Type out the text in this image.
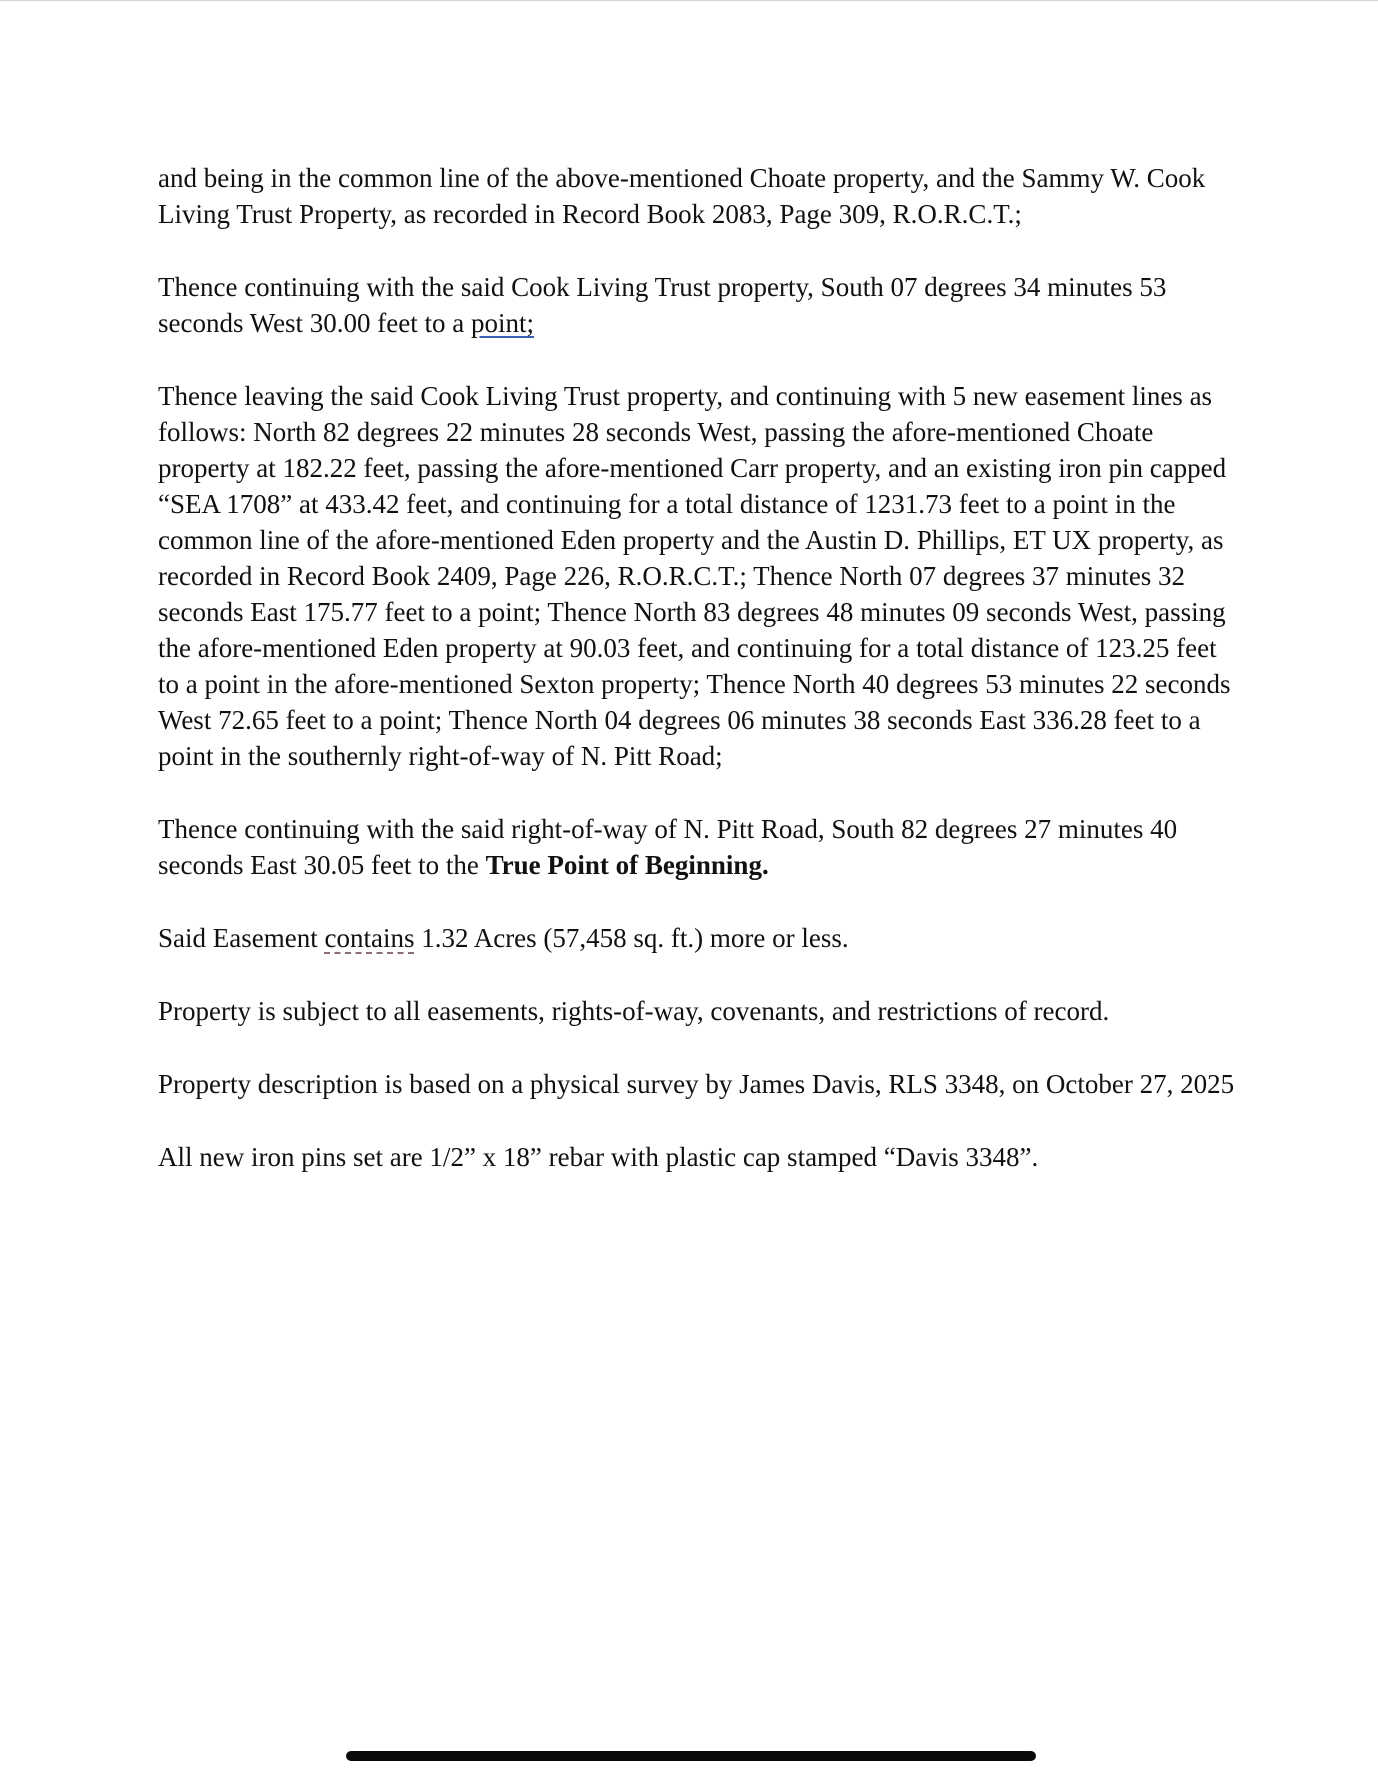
and being in the common line of the above-mentioned Choate property, and the Sammy W. Cook Living Trust Property, as recorded in Record Book 2083, Page 309, R.O.R.C.T.;

Thence continuing with the said Cook Living Trust property, South 07 degrees 34 minutes 53 seconds West 30.00 feet to a point;

Thence leaving the said Cook Living Trust property, and continuing with 5 new easement lines as follows: North 82 degrees 22 minutes 28 seconds West, passing the afore-mentioned Choate property at 182.22 feet, passing the afore-mentioned Carr property, and an existing iron pin capped “SEA 1708” at 433.42 feet, and continuing for a total distance of 1231.73 feet to a point in the common line of the afore-mentioned Eden property and the Austin D. Phillips, ET UX property, as recorded in Record Book 2409, Page 226, R.O.R.C.T.; Thence North 07 degrees 37 minutes 32 seconds East 175.77 feet to a point; Thence North 83 degrees 48 minutes 09 seconds West, passing the afore-mentioned Eden property at 90.03 feet, and continuing for a total distance of 123.25 feet to a point in the afore-mentioned Sexton property; Thence North 40 degrees 53 minutes 22 seconds West 72.65 feet to a point; Thence North 04 degrees 06 minutes 38 seconds East 336.28 feet to a point in the southernly right-of-way of N. Pitt Road;

Thence continuing with the said right-of-way of N. Pitt Road, South 82 degrees 27 minutes 40 seconds East 30.05 feet to the True Point of Beginning.

Said Easement contains 1.32 Acres (57,458 sq. ft.) more or less.

Property is subject to all easements, rights-of-way, covenants, and restrictions of record.

Property description is based on a physical survey by James Davis, RLS 3348, on October 27, 2025

All new iron pins set are 1/2” x 18” rebar with plastic cap stamped “Davis 3348”.
